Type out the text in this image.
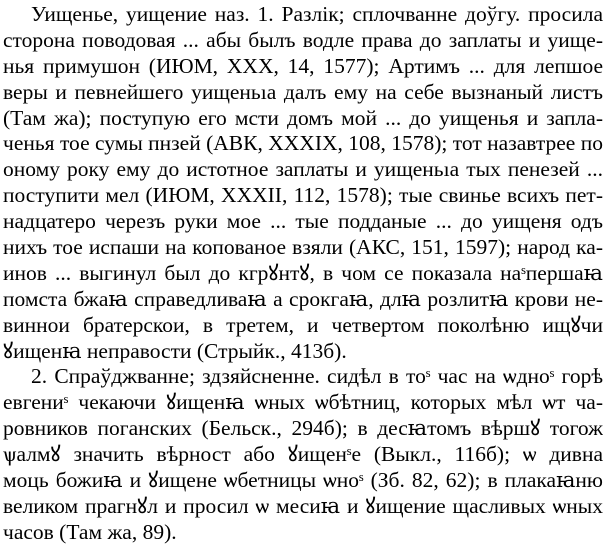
Уищенье, уищение наз. 1. Разлік; сплочванне доўгу. просила
сторона поводовая ... абы былъ водле права до заплаты и уище-
нья примушон (ИЮМ, XXX, 14, 1577); Артимъ ... для лепшое
веры и певнейшего уищеньıа далъ ему на себе вызнаный листъ
(Там жа); поступую его мсти домъ мой ... до уищенья и запла-
ченья тое сумы пнзей (АВК, XXXIX, 108, 1578); тот назавтрее по
оному року ему до истотное заплаты и уищеньıа тых пенезей ...
поступити мел (ИЮМ, XXXII, 112, 1578); тые свинье всихъ пет-
надцатеро черезъ руки мое ... тые подданые ... до уищеня одъ
нихъ тое испаши на копованое взяли (АКС, 151, 1597); народ ка-
инов ... выгинул был до кгрꙋнтꙋ, в чом се показала наˢпершаꙗ
помста бжаꙗ справедливаꙗ а срокгаꙗ, длꙗ розлитꙗ крови не-
виннои братерскои, в третем, и четвертом поколѣню ищꙋчи
ꙋищенꙗ неправости (Стрыйк., 413б).
2. Спраўджванне; здзяйсненне. сидѣл в тоˢ час на ѡдноˢ горѣ
евгениˢ чекаючи ꙋищенꙗ ѡных ѡбѣтниц, которых мѣл ѡт ча-
ровников поганских (Бельск., 294б); в десꙗтомъ вѣршꙋ тогож
ѱалмꙋ значить вѣрност або ꙋищенˢе (Выкл., 116б); ѡ дивна
моць божиꙗ и ꙋищене ѡбетницы ѡноˢ (Зб. 82, 62); в плакаꙗню
великом прагнꙋл и просил ѡ месиꙗ и ꙋищение щасливых ѡных
часов (Там жа, 89).
